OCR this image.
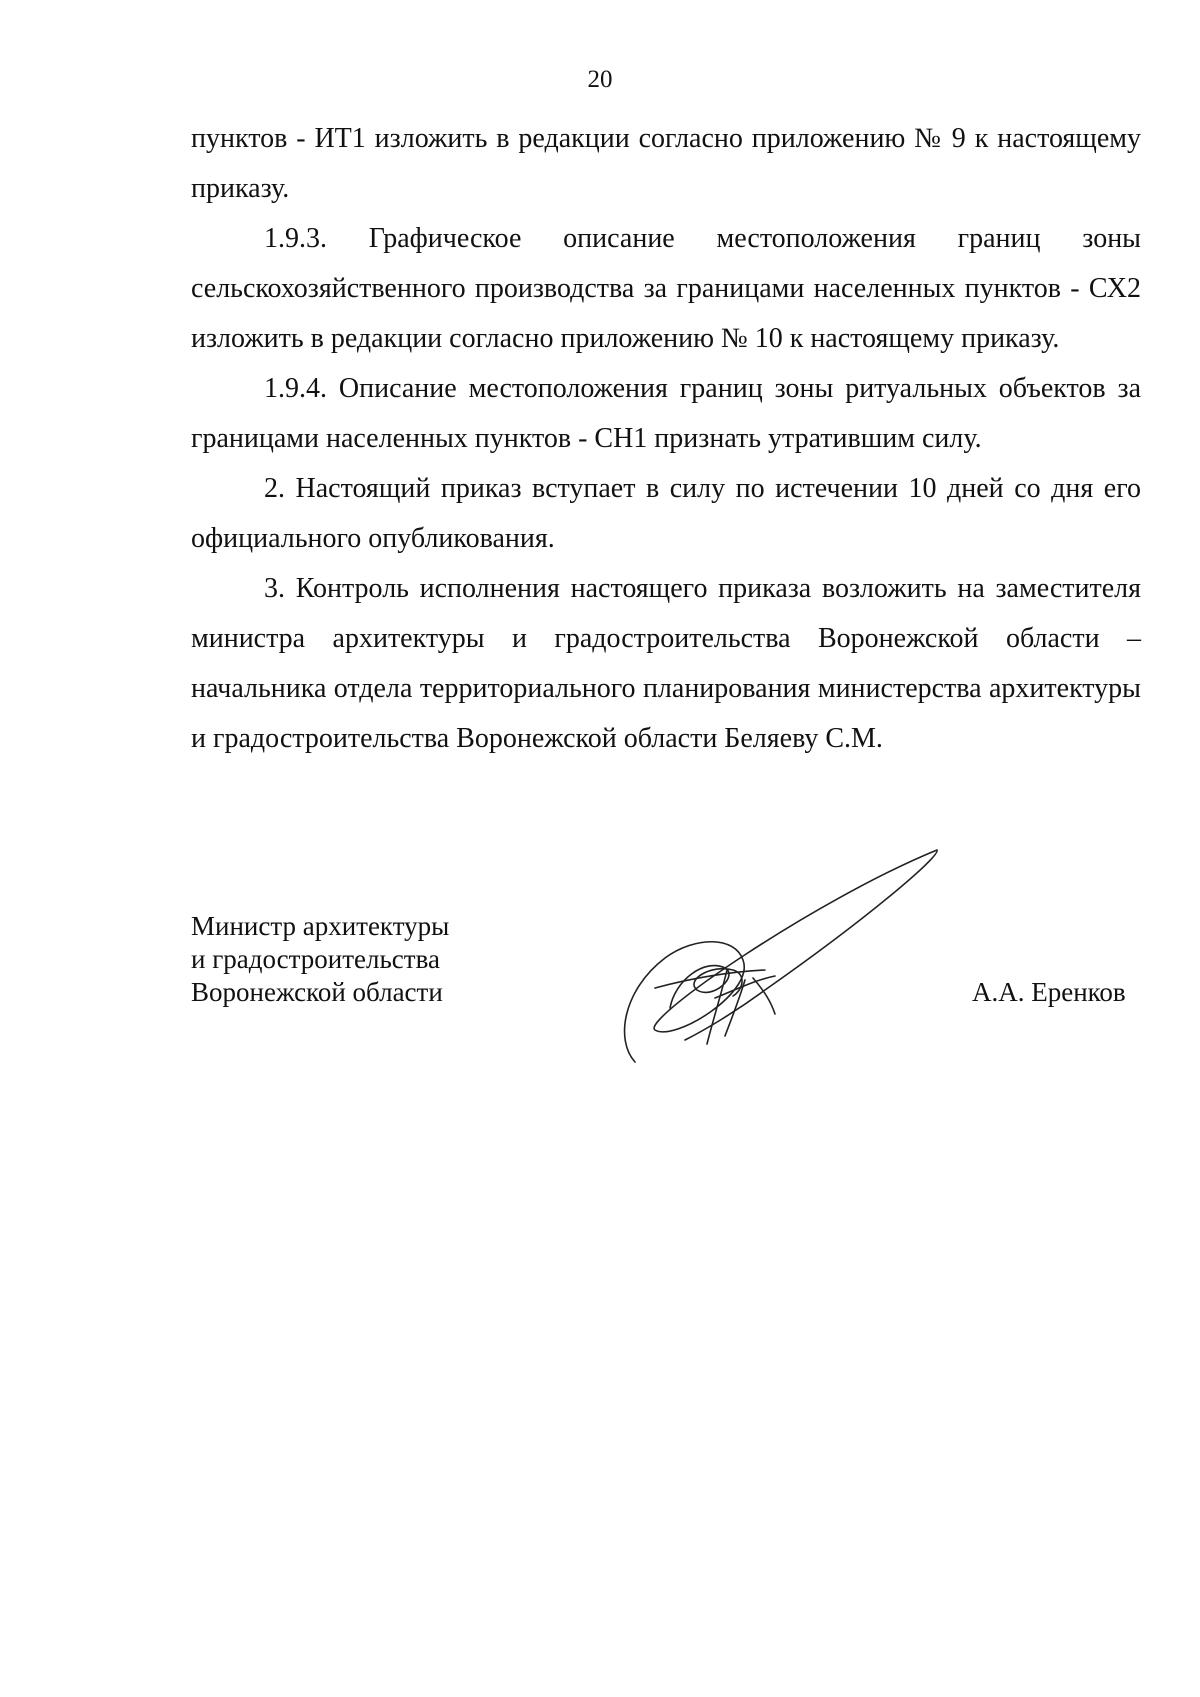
20

пунктов - ИТ1 изложить в редакции согласно приложению № 9 к настоящему приказу.

1.9.3. Графическое описание местоположения границ зоны сельскохозяйственного производства за границами населенных пунктов - СХ2 изложить в редакции согласно приложению № 10 к настоящему приказу.

1.9.4. Описание местоположения границ зоны ритуальных объектов за границами населенных пунктов - СН1 признать утратившим силу.

2. Настоящий приказ вступает в силу по истечении 10 дней со дня его официального опубликования.

3. Контроль исполнения настоящего приказа возложить на заместителя министра архитектуры и градостроительства Воронежской области – начальника отдела территориального планирования министерства архитектуры и градостроительства Воронежской области Беляеву С.М.

Министр архитектуры
и градостроительства
Воронежской области	А.А. Еренков
